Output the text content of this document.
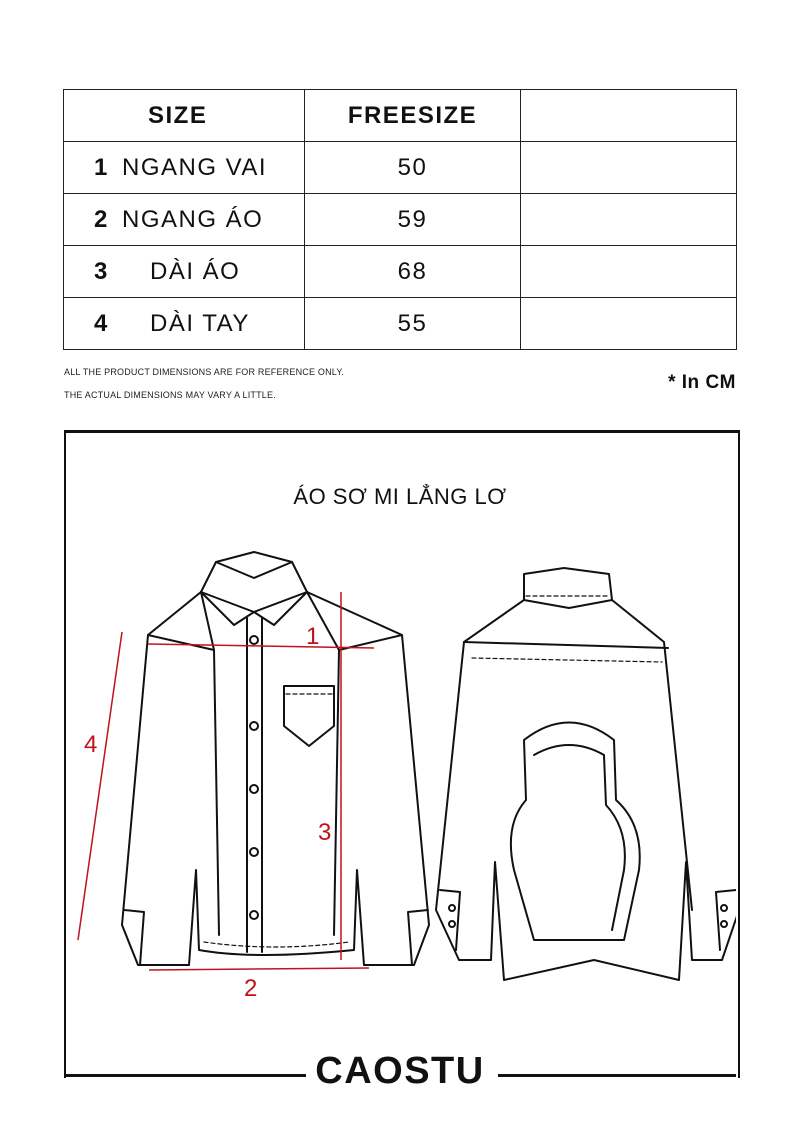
SIZE	FREESIZE	

1 NGANG VAI	50	

2 NGANG ÁO	59	

3 DÀI ÁO	68	

4 DÀI TAY	55	
ALL THE PRODUCT DIMENSIONS ARE FOR REFERENCE ONLY.
THE ACTUAL DIMENSIONS MAY VARY A LITTLE.
* In CM
ÁO SƠ MI LẲNG LƠ
1
2
3
4
CAOSTU
